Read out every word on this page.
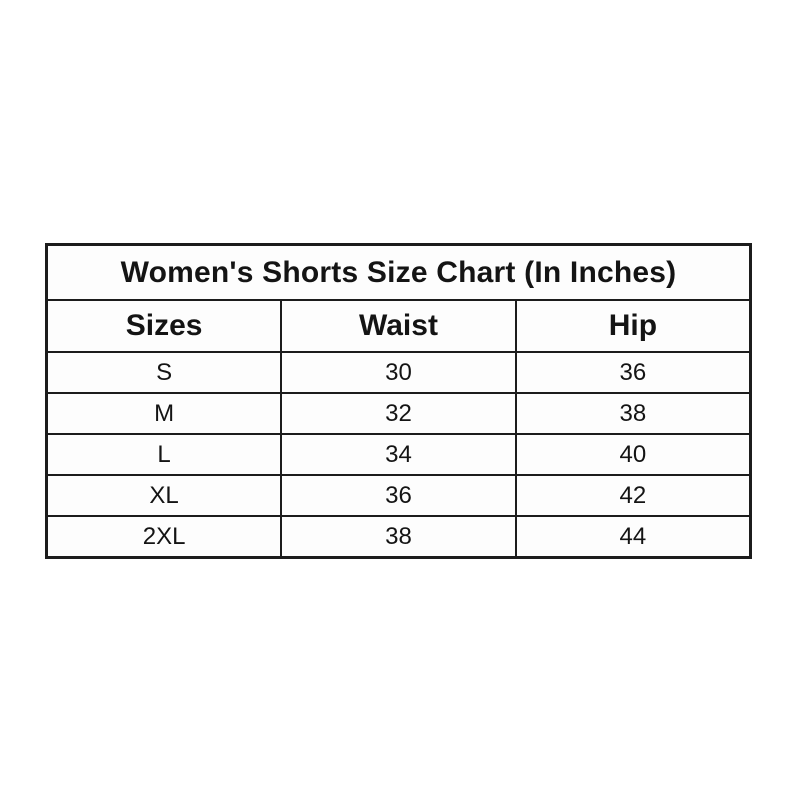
Women's Shorts Size Chart (In Inches)		
Sizes	Waist	Hip
S	30	36
M	32	38
L	34	40
XL	36	42
2XL	38	44
